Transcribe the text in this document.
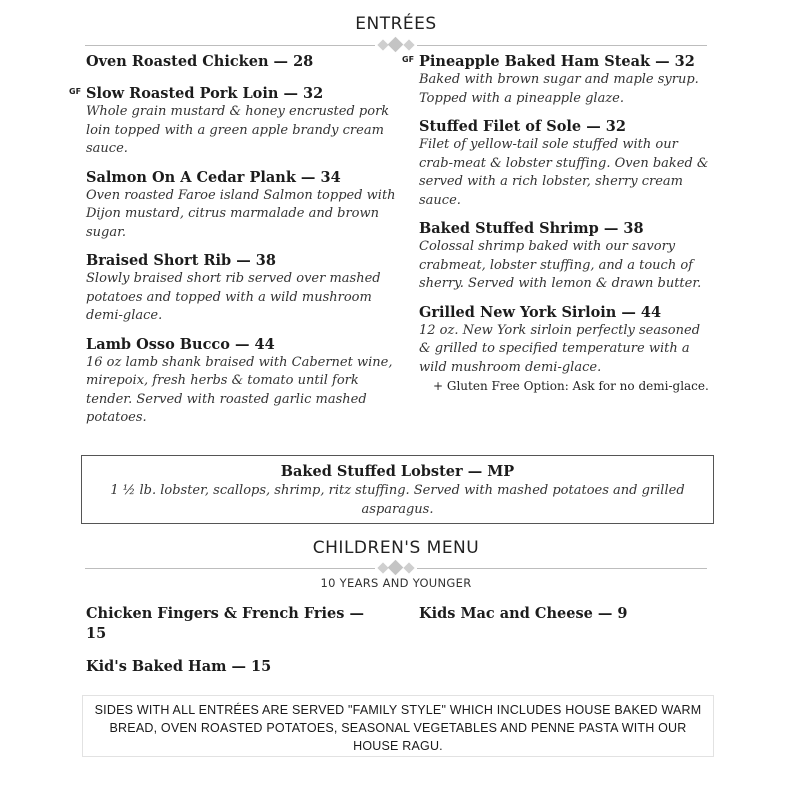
ENTRÉES
Oven Roasted Chicken — 28
GF Slow Roasted Pork Loin — 32
Whole grain mustard & honey encrusted pork loin topped with a green apple brandy cream sauce.
Salmon On A Cedar Plank — 34
Oven roasted Faroe island Salmon topped with Dijon mustard, citrus marmalade and brown sugar.
Braised Short Rib — 38
Slowly braised short rib served over mashed potatoes and topped with a wild mushroom demi-glace.
Lamb Osso Bucco — 44
16 oz lamb shank braised with Cabernet wine, mirepoix, fresh herbs & tomato until fork tender. Served with roasted garlic mashed potatoes.
GF Pineapple Baked Ham Steak — 32
Baked with brown sugar and maple syrup. Topped with a pineapple glaze.
Stuffed Filet of Sole — 32
Filet of yellow-tail sole stuffed with our crab-meat & lobster stuffing. Oven baked & served with a rich lobster, sherry cream sauce.
Baked Stuffed Shrimp — 38
Colossal shrimp baked with our savory crabmeat, lobster stuffing, and a touch of sherry. Served with lemon & drawn butter.
Grilled New York Sirloin — 44
12 oz. New York sirloin perfectly seasoned & grilled to specified temperature with a wild mushroom demi-glace.
+ Gluten Free Option: Ask for no demi-glace.
Baked Stuffed Lobster — MP
1 ½ lb. lobster, scallops, shrimp, ritz stuffing. Served with mashed potatoes and grilled asparagus.
CHILDREN'S MENU
10 YEARS AND YOUNGER
Chicken Fingers & French Fries — 15
Kids Mac and Cheese — 9
Kid's Baked Ham — 15
SIDES WITH ALL ENTRÉES ARE SERVED "FAMILY STYLE" WHICH INCLUDES HOUSE BAKED WARM BREAD, OVEN ROASTED POTATOES, SEASONAL VEGETABLES AND PENNE PASTA WITH OUR HOUSE RAGU.
